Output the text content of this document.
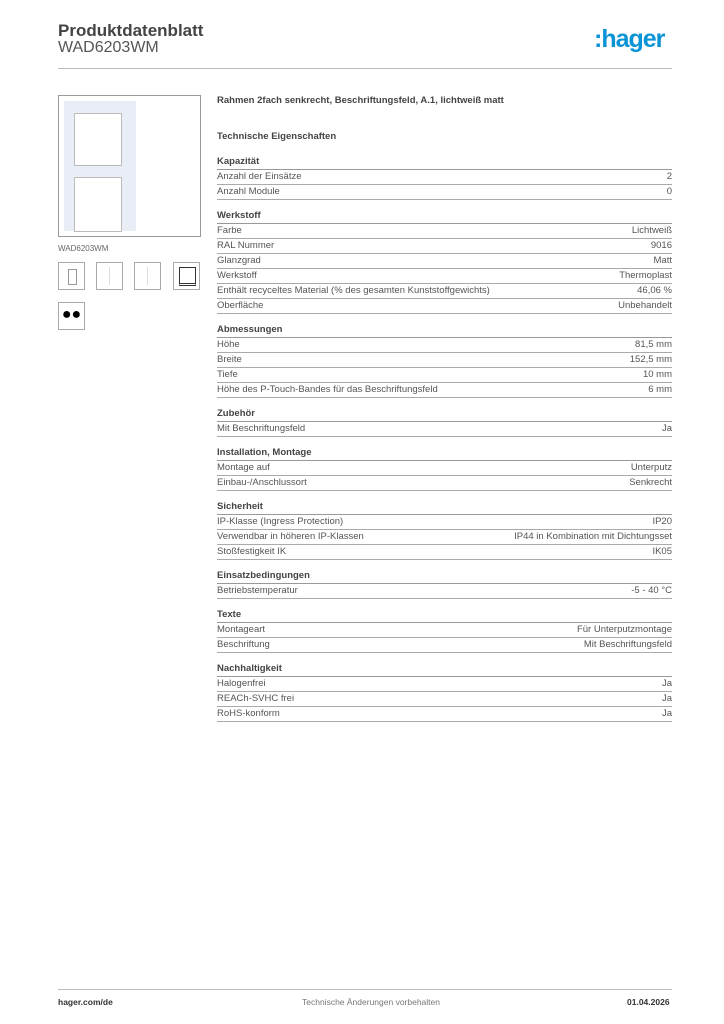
Produktdatenblatt
WAD6203WM	:hager
WAD6203WM
●●
Rahmen 2fach senkrecht, Beschriftungsfeld, A.1, lichtweiß matt
Technische Eigenschaften
Kapazität
Anzahl der Einsätze	2
Anzahl Module	0
Werkstoff
Farbe	Lichtweiß
RAL Nummer	9016
Glanzgrad	Matt
Werkstoff	Thermoplast
Enthält recyceltes Material (% des gesamten Kunststoffgewichts)	46,06 %
Oberfläche	Unbehandelt
Abmessungen
Höhe	81,5 mm
Breite	152,5 mm
Tiefe	10 mm
Höhe des P-Touch-Bandes für das Beschriftungsfeld	6 mm
Zubehör
Mit Beschriftungsfeld	Ja
Installation, Montage
Montage auf	Unterputz
Einbau-/Anschlussort	Senkrecht
Sicherheit
IP-Klasse (Ingress Protection)	IP20
Verwendbar in höheren IP-Klassen	IP44 in Kombination mit Dichtungsset
Stoßfestigkeit IK	IK05
Einsatzbedingungen
Betriebstemperatur	-5 - 40 °C
Texte
Montageart	Für Unterputzmontage
Beschriftung	Mit Beschriftungsfeld
Nachhaltigkeit
Halogenfrei	Ja
REACh-SVHC frei	Ja
RoHS-konform	Ja
hager.com/de	Technische Änderungen vorbehalten	01.04.2026
